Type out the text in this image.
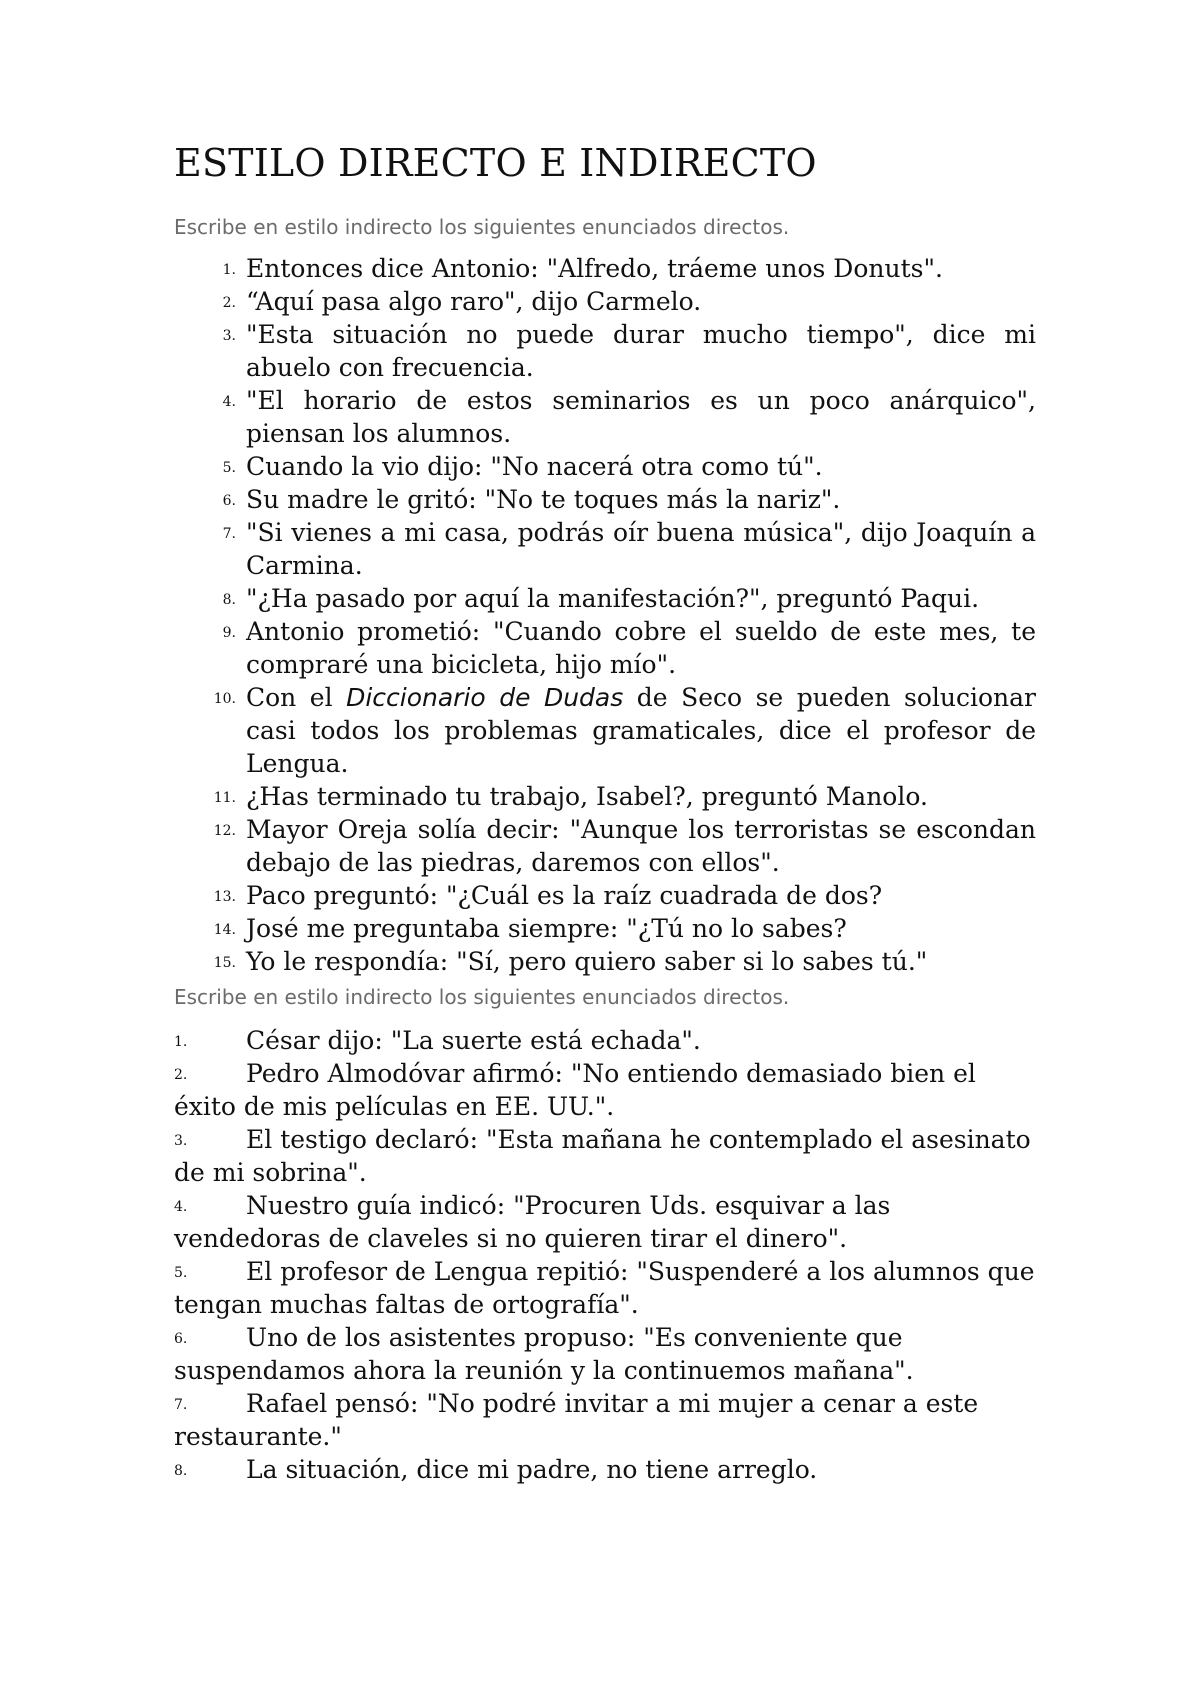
ESTILO DIRECTO E INDIRECTO

Escribe en estilo indirecto los siguientes enunciados directos.

1. Entonces dice Antonio: "Alfredo, tráeme unos Donuts".
2. “Aquí pasa algo raro", dijo Carmelo.
3. "Esta situación no puede durar mucho tiempo", dice mi abuelo con frecuencia.
4. "El horario de estos seminarios es un poco anárquico", piensan los alumnos.
5. Cuando la vio dijo: "No nacerá otra como tú".
6. Su madre le gritó: "No te toques más la nariz".
7. "Si vienes a mi casa, podrás oír buena música", dijo Joaquín a Carmina.
8. "¿Ha pasado por aquí la manifestación?", preguntó Paqui.
9. Antonio prometió: "Cuando cobre el sueldo de este mes, te compraré una bicicleta, hijo mío".
10. Con el Diccionario de Dudas de Seco se pueden solucionar casi todos los problemas gramaticales, dice el profesor de Lengua.
11. ¿Has terminado tu trabajo, Isabel?, preguntó Manolo.
12. Mayor Oreja solía decir: "Aunque los terroristas se escondan debajo de las piedras, daremos con ellos".
13. Paco preguntó: "¿Cuál es la raíz cuadrada de dos?
14. José me preguntaba siempre: "¿Tú no lo sabes?
15. Yo le respondía: "Sí, pero quiero saber si lo sabes tú."

Escribe en estilo indirecto los siguientes enunciados directos.

1. César dijo: "La suerte está echada".
2. Pedro Almodóvar afirmó: "No entiendo demasiado bien el éxito de mis películas en EE. UU.".
3. El testigo declaró: "Esta mañana he contemplado el asesinato de mi sobrina".
4. Nuestro guía indicó: "Procuren Uds. esquivar a las vendedoras de claveles si no quieren tirar el dinero".
5. El profesor de Lengua repitió: "Suspenderé a los alumnos que tengan muchas faltas de ortografía".
6. Uno de los asistentes propuso: "Es conveniente que suspendamos ahora la reunión y la continuemos mañana".
7. Rafael pensó: "No podré invitar a mi mujer a cenar a este restaurante."
8. La situación, dice mi padre, no tiene arreglo.
